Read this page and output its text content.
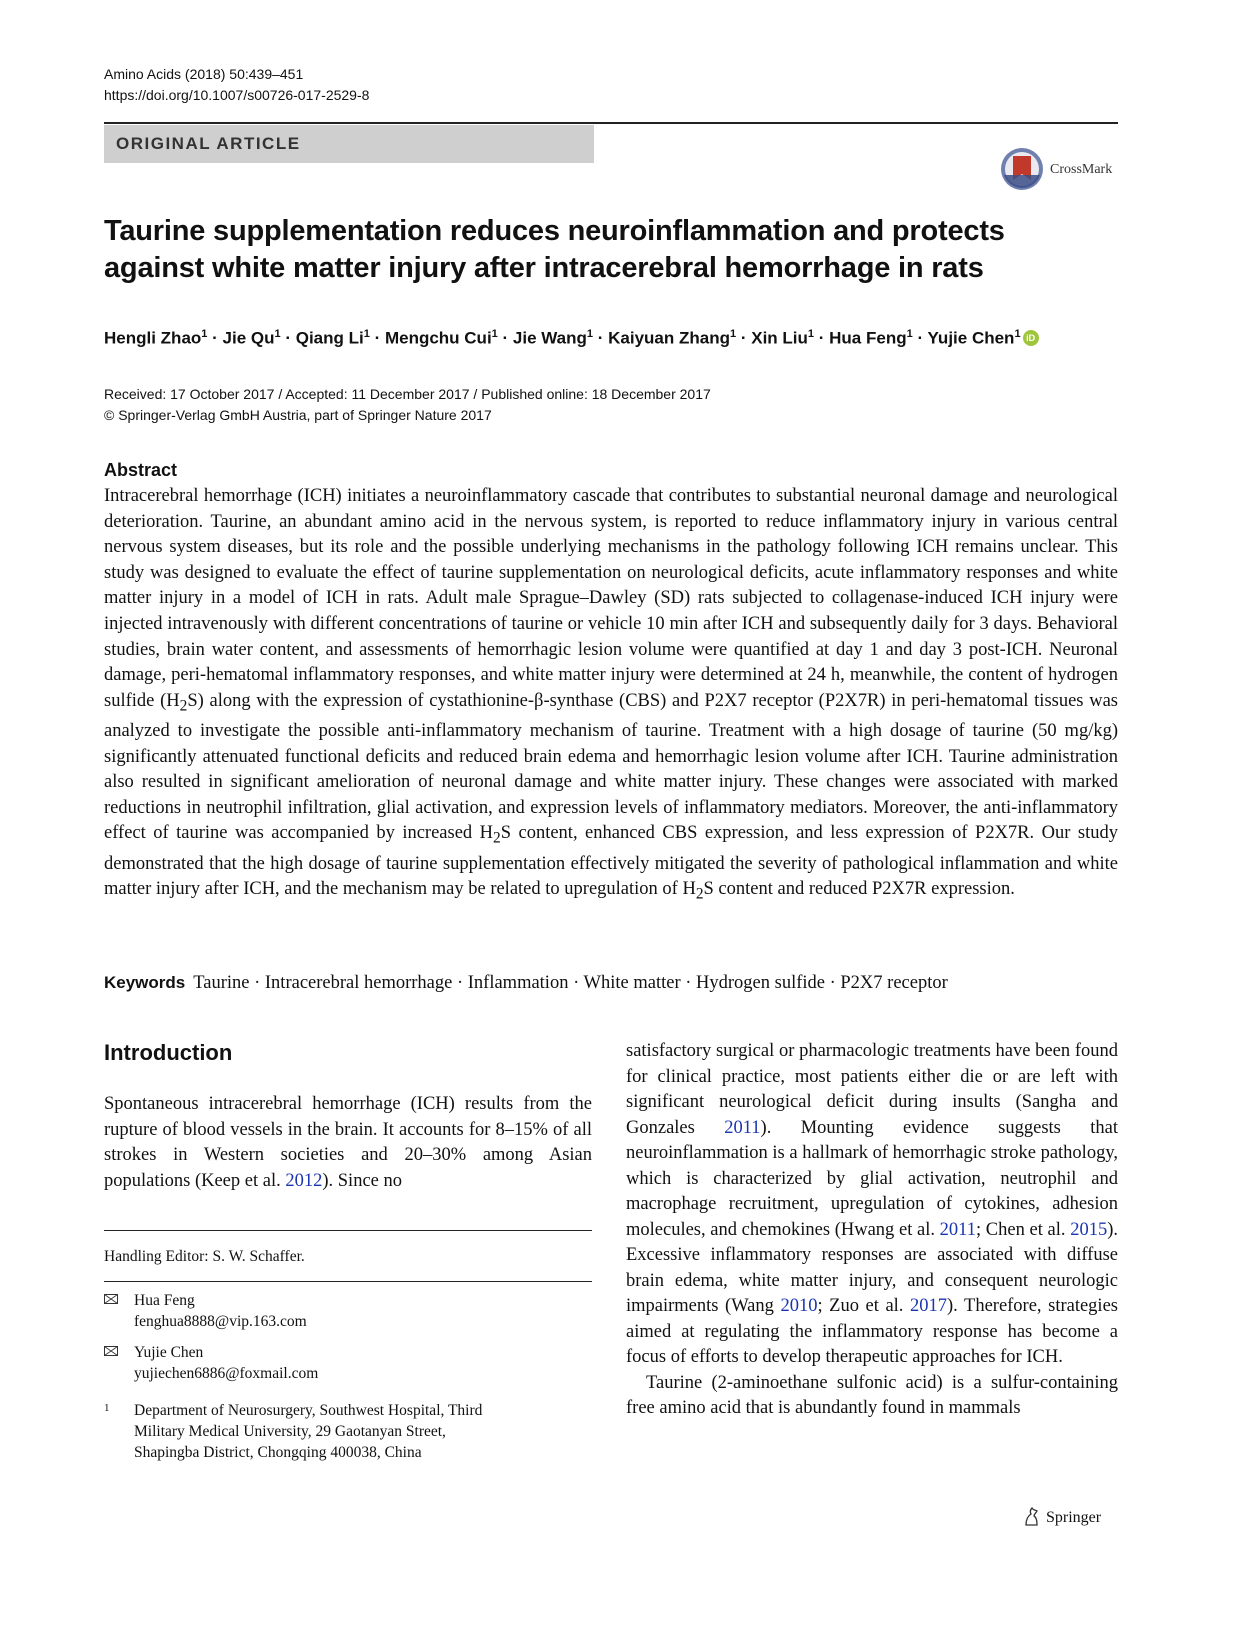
Amino Acids (2018) 50:439–451
https://doi.org/10.1007/s00726-017-2529-8
ORIGINAL ARTICLE
CrossMark
Taurine supplementation reduces neuroinflammation and protects
against white matter injury after intracerebral hemorrhage in rats
Hengli Zhao$^1$ · Jie $Qu^1$ · Qiang $Li^1$ · Mengchu Cui$^1$ · Jie Wang$^1$ · Kaiyuan Zhang$^1$ · Xin Liu$^1$ · Hua Feng$^1$ · Yujie Chen$^1$ iD
Received: 17 October 2017 / Accepted: 11 December 2017 / Published online: 18 December 2017
© Springer-Verlag GmbH Austria, part of Springer Nature 2017
Abstract
Intracerebral hemorrhage (ICH) initiates a neuroinflammatory cascade that contributes to substantial neuronal damage and neurological deterioration. Taurine, an abundant amino acid in the nervous system, is reported to reduce inflammatory injury in various central nervous system diseases, but its role and the possible underlying mechanisms in the pathology following ICH remains unclear. This study was designed to evaluate the effect of taurine supplementation on neurological deficits, acute inflammatory responses and white matter injury in a model of ICH in rats. Adult male Sprague–Dawley (SD) rats subjected to collagenase-induced ICH injury were injected intravenously with different concentrations of taurine or vehicle 10 min after ICH and subsequently daily for 3 days. Behavioral studies, brain water content, and assessments of hemorrhagic lesion volume were quantified at day 1 and day 3 post-ICH. Neuronal damage, peri-hematomal inflammatory responses, and white matter injury were determined at 24 h, meanwhile, the content of hydrogen sulfide $(H_2S)$ along with the expression of cystathionine-β-synthase (CBS) and P2X7 receptor (P2X7R) in peri-hematomal tissues was analyzed to investigate the possible anti-inflammatory mechanism of taurine. Treatment with a high dosage of taurine (50 mg/kg) significantly attenuated functional deficits and reduced brain edema and hemorrhagic lesion volume after ICH. Taurine administration also resulted in significant amelioration of neuronal damage and white matter injury. These changes were associated with marked reductions in neutrophil infiltration, glial activation, and expression levels of inflammatory mediators. Moreover, the anti-inflammatory effect of taurine was accompanied by increased $H_2S$ content, enhanced CBS expression, and less expression of P2X7R. Our study demonstrated that the high dosage of taurine supplementation effectively mitigated the severity of pathological inflammation and white matter injury after ICH, and the mechanism may be related to upregulation of $H_2S$ content and reduced P2X7R expression.
Keywords Taurine · Intracerebral hemorrhage · Inflammation · White matter · Hydrogen sulfide · P2X7 receptor
Introduction
Spontaneous intracerebral hemorrhage (ICH) results from the rupture of blood vessels in the brain. It accounts for 8–15% of all strokes in Western societies and 20–30% among Asian populations (Keep et al. 2012). Since no

satisfactory surgical or pharmacologic treatments have been found for clinical practice, most patients either die or are left with significant neurological deficit during insults (Sangha and Gonzales 2011). Mounting evidence suggests that neuroinflammation is a hallmark of hemorrhagic stroke pathology, which is characterized by glial activation, neutrophil and macrophage recruitment, upregulation of cytokines, adhesion molecules, and chemokines (Hwang et al. 2011; Chen et al. 2015). Excessive inflammatory responses are associated with diffuse brain edema, white matter injury, and consequent neurologic impairments (Wang 2010; Zuo et al. 2017). Therefore, strategies aimed at regulating the inflammatory response has become a focus of efforts to develop therapeutic approaches for ICH.

Taurine (2-aminoethane sulfonic acid) is a sulfur-containing free amino acid that is abundantly found in mammals

Handling Editor: S. W. Schaffer.
Hua Feng
fenghua8888@vip.163.com
Yujie Chen
yujiechen6886@foxmail.com
1 Department of Neurosurgery, Southwest Hospital, Third
Military Medical University, 29 Gaotanyan Street,
Shapingba District, Chongqing 400038, China
Springer
